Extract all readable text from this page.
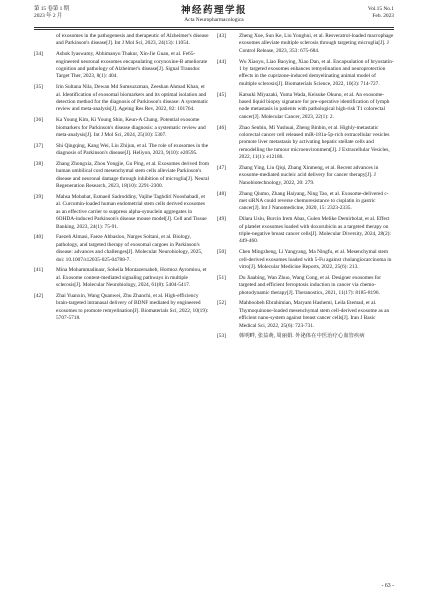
第 15 卷第 1 期
2023 年 2 月	神经药理学报
Acta Neuropharmacologica
Vol.15 No.1
Feb. 2023
of exosomes in the pathogenesis and therapeutic of Alzheimer's disease and Parkinson's disease[J]. Int J Mol Sci, 2023, 24(13): 11054.
[34] Ashok Iyaswamy, Abhimanyu Thakur, Xin-Jie Guan, et al. Fe65-engineered neuronal exosomes encapsulating corynoxine-B ameliorate cognition and pathology of Alzheimer's disease[J]. Signal Transduc Target Ther, 2023, 8(1): 404.
[35] Irin Sultana Nila, Dewan Md Sumsuzzman, Zeeshan Ahmad Khan, et al. Identification of exosomal biomarkers and its optimal isolation and detection method for the diagnosis of Parkinson's disease: A systematic review and meta-analysis[J]. Ageing Res Rev, 2022, 82: 101764.
[36] Ka Young Kim, Ki Young Shin, Keun-A Chang. Potential exosome biomarkers for Parkinson's disease diagnosis: a systematic review and meta-analysis[J]. Int J Mol Sci, 2024, 25(10): 5307.
[37] Shi Qingqing, Kang Wei, Liu Zhijun, et al. The role of exosomes in the diagnosis of Parkinson's disease[J]. Heliyon, 2023, 9(10): e20595.
[38] Zhang Zhongxia, Zhou Yongjie, Gu Ping, et al. Exosomes derived from human umbilical cord mesenchymal stem cells alleviate Parkinson's disease and neuronal damage through inhibition of microglia[J]. Neural Regeneration Research, 2023, 18(10): 2291-2300.
[39] Mahsa Mobahat, Esmaeil Sadroddiny, Vajihe Taghdiri Nooshabadi, et al. Curcumin-loaded human endometrial stem cells derived exosomes as an effective carrier to suppress alpha-synuclein aggregates in 6OHDA-induced Parkinson's disease mouse model[J]. Cell and Tissue Banking, 2023, 24(1): 75-91.
[40] Faezeh Almasi, Faeze Abbasloo, Narges Soltani, et al. Biology, pathology, and targeted therapy of exosomal cargoes in Parkinson's disease: advances and challenges[J]. Molecular Neurobiology, 2025, doi: 10.1007/s12035-025-04788-7.
[41] Mina Mohammadinasr, Soheila Montazersaheb, Hormoz Ayromlou, et al. Exosome content-mediated signaling pathways in multiple sclerosis[J]. Molecular Neurobiology, 2024, 61(8): 5404-5417.
[42] Zhai Yuanxin, Wang Quanwei, Zhu Zhanchi, et al. High-efficiency brain-targeted intranasal delivery of BDNF mediated by engineered exosomes to promote remyelination[J]. Biomaterials Sci, 2022, 10(19): 5707-5718.
[43] Zheng Xue, Sun Ke, Liu Yonghui, et al. Resveratrol-loaded macrophage exosomes alleviate multiple sclerosis through targeting microglia[J]. J Control Release, 2023, 353: 675-684.
[44] Wu Xiaoyu, Liao Baoying, Xiao Dan, et al. Encapsulation of bryostatin-1 by targeted exosomes enhances remyelination and neuroprotection effects in the cuprizone-induced demyelinating animal model of multiple sclerosis[J]. Biomaterials Science, 2022, 10(3): 714-727.
[45] Katsuki Miyazaki, Yuma Wada, Keisuke Okuno, et al. An exosome-based liquid biopsy signature for pre-operative identification of lymph node metastasis in patients with pathological high-risk T1 colorectal cancer[J]. Molecular Cancer, 2023, 22(1): 2.
[46] Zhao Senbin, Mi Yushuai, Zheng Binbin, et al. Highly-metastatic colorectal cancer cell released miR-181a-5p-rich extracellular vesicles promote liver metastasis by activating hepatic stellate cells and remodelling the tumour microenvironment[J]. J Extracellular Vesicles, 2022, 11(1): e12186.
[47] Zhang Ying, Liu Qiqi, Zhang Xinmeng, et al. Recent advances in exosome-mediated nucleic acid delivery for cancer therapy[J]. J Nanobiotechnology, 2022, 20: 279.
[48] Zhang Qiumo, Zhang Haiyang, Ning Tao, et al. Exosome-delivered c-met siRNA could reverse chemoresistance to cisplatin in gastric cancer[J]. Int J Nanomedicine, 2020, 15: 2323-2335.
[49] Dilara Uslu, Burcin Irem Abas, Gulen Melike Demirbolat, et al. Effect of platelet exosomes loaded with doxorubicin as a targeted therapy on triple-negative breast cancer cells[J]. Molecular Diversity, 2024, 28(2): 449-460.
[50] Chen Mingzheng, Li Yangyang, Ma Ningfu, et al. Mesenchymal stem cell-derived exosomes loaded with 5-Fu against cholangiocarcinoma in vitro[J]. Molecular Medicine Reports, 2022, 25(6): 213.
[51] Du Jiaabing, Wan Zhuo, Wang Cong, et al. Designer exosomes for targeted and efficient ferroptosis induction in cancer via chemo-photodynamic therapy[J]. Theranostics, 2021, 11(17): 8185-8196.
[52] Mahboobeh Ebrahimian, Maryam Hashemi, Leila Etemad, et al. Thymoquinone-loaded mesenchymal stem cell-derived exosome as an efficient nano-system against breast cancer cells[J]. Iran J Basic Medical Sci, 2022, 25(6): 723-731.
[53] 韩明畔, 张益萌, 周丽娟. 外泌体在中医治疗心血管疾病
- 63 -
